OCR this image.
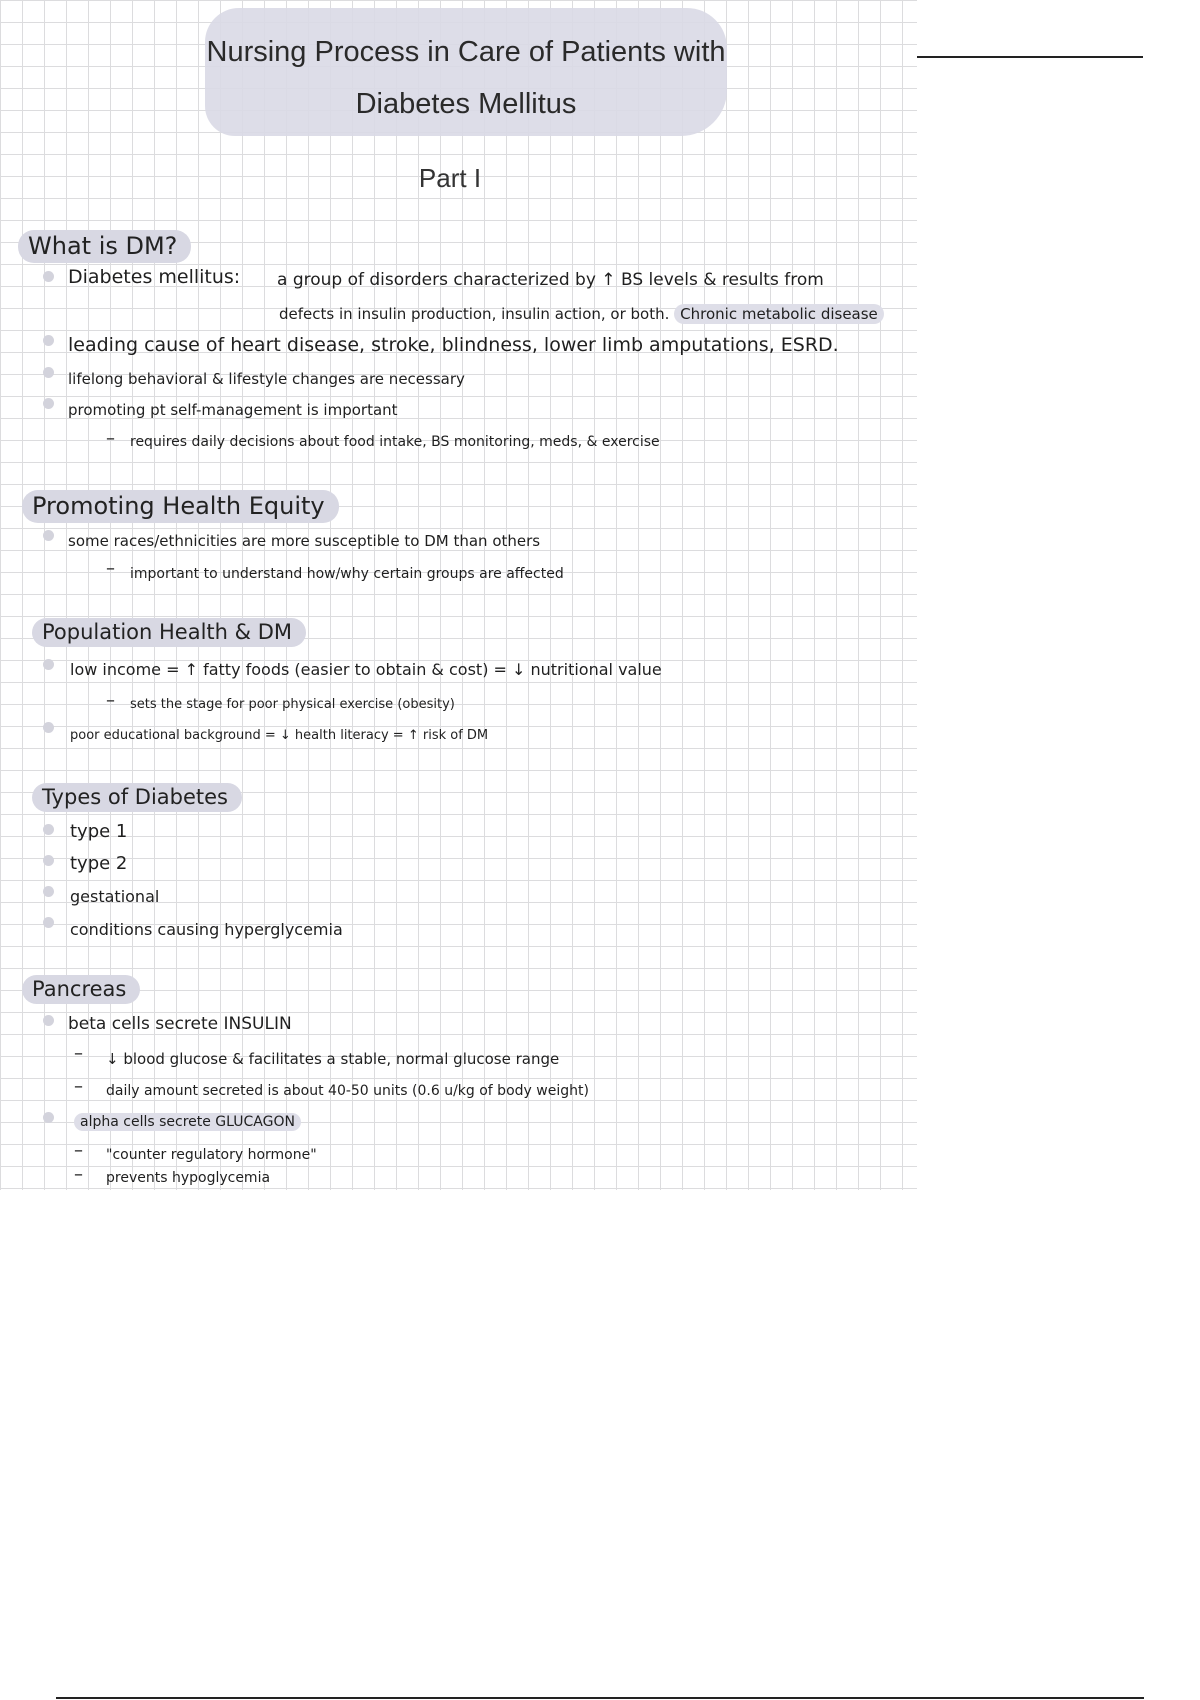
Nursing Process in Care of Patients with
Diabetes Mellitus
Part I
What is DM?
Diabetes mellitus: a group of disorders characterized by ↑ BS levels & results from
defects in insulin production, insulin action, or both. Chronic metabolic disease
leading cause of heart disease, stroke, blindness, lower limb amputations, ESRD.
lifelong behavioral & lifestyle changes are necessary
promoting pt self-management is important
– requires daily decisions about food intake, BS monitoring, meds, & exercise
Promoting Health Equity
some races/ethnicities are more susceptible to DM than others
– important to understand how/why certain groups are affected
Population Health & DM
low income = ↑ fatty foods (easier to obtain & cost) = ↓ nutritional value
– sets the stage for poor physical exercise (obesity)
poor educational background = ↓ health literacy = ↑ risk of DM
Types of Diabetes
type 1
type 2
gestational
conditions causing hyperglycemia
Pancreas
beta cells secrete INSULIN
– ↓ blood glucose & facilitates a stable, normal glucose range
– daily amount secreted is about 40-50 units (0.6 u/kg of body weight)
alpha cells secrete GLUCAGON
– "counter regulatory hormone"
– prevents hypoglycemia
